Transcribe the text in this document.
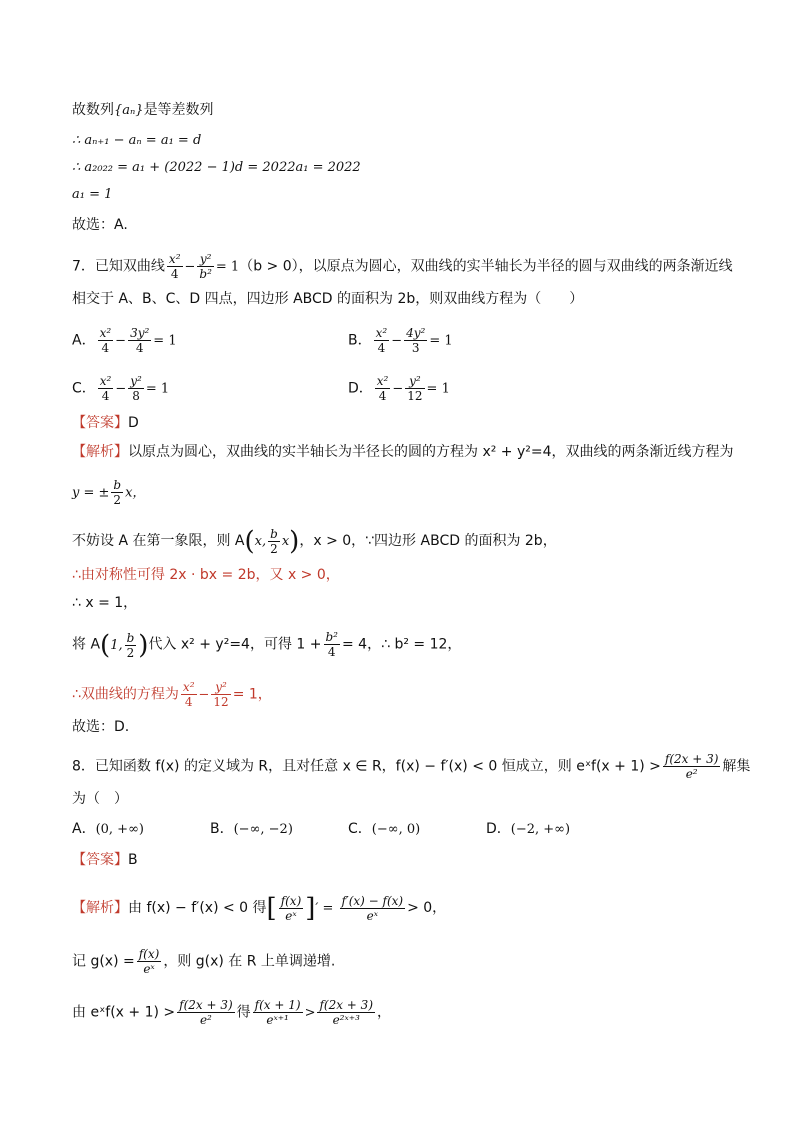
故数列{aₙ}是等差数列
∴ aₙ₊₁ − aₙ = a₁ = d
∴ a₂₀₂₂ = a₁ + (2022 − 1)d = 2022a₁ = 2022
a₁ = 1
故选：A.
7．已知双曲线 $\frac{\text{x²}}{4} - \frac{\text{y²}}{\text{b²}} = 1(b > 0)$，以原点为圆心，双曲线的实半轴长为半径的圆与双曲线的两条渐近线
相交于 A、B、C、D 四点，四边形 ABCD 的面积为 2b，则双曲线方程为（　　）
A． $\frac{\text{x²}}{4} - \frac{\text{3y²}}{4} = 1$	B． $\frac{\text{x²}}{4} - \frac{\text{4y²}}{3} = 1$
C． $\frac{\text{x²}}{4} - \frac{\text{y²}}{8} = 1$	D． $\frac{\text{x²}}{4} - \frac{\text{y²}}{12} = 1$
【答案】D
【解析】以原点为圆心，双曲线的实半轴长为半径长的圆的方程为 x² + y²=4，双曲线的两条渐近线方程为
y = ± $\frac{b}{2}$ x，
不妨设 A 在第一象限，则 A(x, $\frac{b}{2} x$)，x > 0，∵四边形 ABCD 的面积为 2b，
∴由对称性可得 2x · bx = 2b，又 x > 0，
∴ x = 1，
将 A(1, $\frac{b}{2}$ )代入 x² + y²=4，可得 $1 + \frac{\text{b²}}{4} = 4$，∴ b² = 12，
∴双曲线的方程为 $\frac{\text{x²}}{4} - \frac{\text{y²}}{12} = 1$，
故选：D.
8．已知函数 f(x) 的定义域为 R，且对任意 x ∈ R，f(x) − f′(x) < 0 恒成立，则 eˣf(x + $1) > \frac{f(2x + 3)}{\text{e²}}$ 解集
为（　）
A．(0, +∞)	B．(−∞, −2)	C．(−∞, 0)	D．(−2, +∞)
【答案】B
【解析】由 f(x) − f′(x) < 0 得[ $\frac{f(x)}{\text{eˣ}}$ ]′ = $\frac{f'(x) - f(x)}{\text{eˣ}} > 0$，
记 $g(x) = \frac{f(x)}{\text{eˣ}}$ ，则 g(x) 在 R 上单调递增.
由 eˣf(x + $1) > \frac{f(2x + 3)}{\text{e²}}$ 得 $\frac{f(x + 1)}{\text{eˣ⁺¹}} > \frac{f(2x + 3)}{\text{e²ˣ⁺³}}$ ，
